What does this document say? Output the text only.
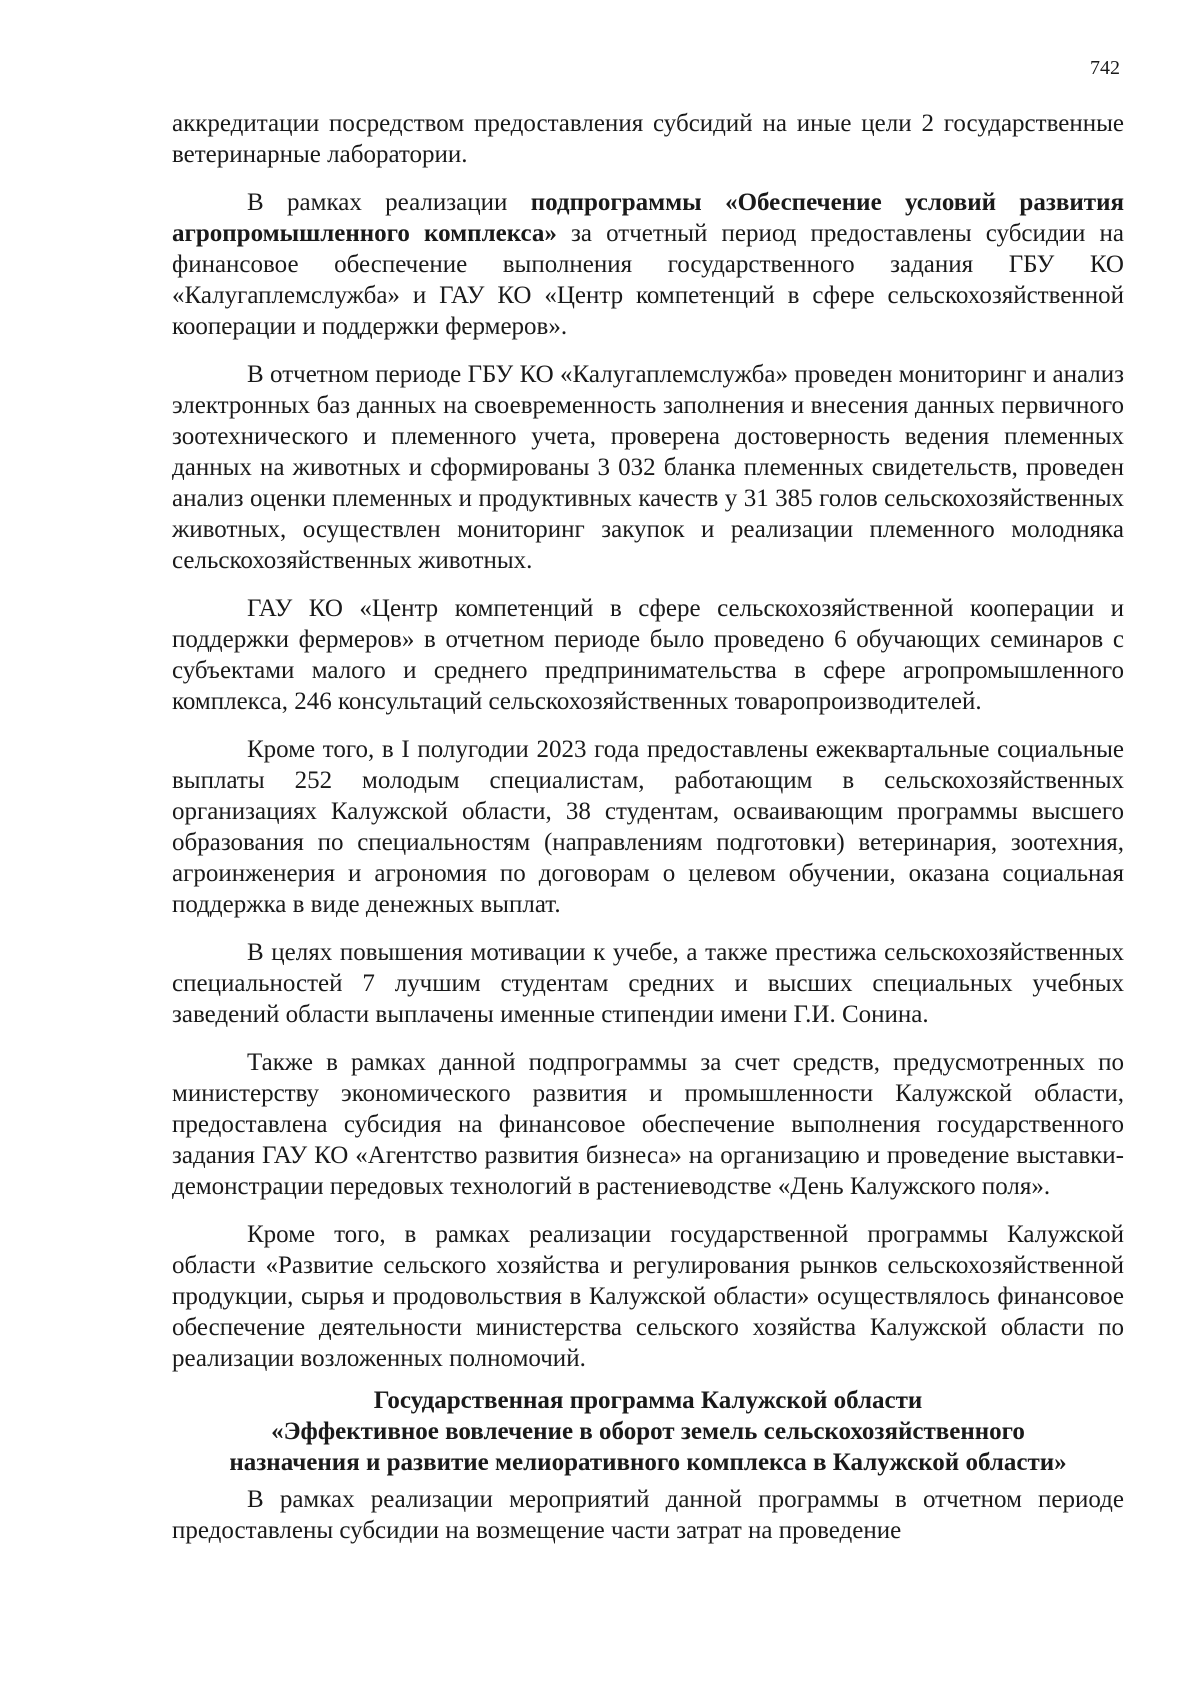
742

аккредитации посредством предоставления субсидий на иные цели 2 государственные ветеринарные лаборатории.

В рамках реализации подпрограммы «Обеспечение условий развития агропромышленного комплекса» за отчетный период предоставлены субсидии на финансовое обеспечение выполнения государственного задания ГБУ КО «Калугаплемслужба» и ГАУ КО «Центр компетенций в сфере сельскохозяйственной кооперации и поддержки фермеров».

В отчетном периоде ГБУ КО «Калугаплемслужба» проведен мониторинг и анализ электронных баз данных на своевременность заполнения и внесения данных первичного зоотехнического и племенного учета, проверена достоверность ведения племенных данных на животных и сформированы 3 032 бланка племенных свидетельств, проведен анализ оценки племенных и продуктивных качеств у 31 385 голов сельскохозяйственных животных, осуществлен мониторинг закупок и реализации племенного молодняка сельскохозяйственных животных.

ГАУ КО «Центр компетенций в сфере сельскохозяйственной кооперации и поддержки фермеров» в отчетном периоде было проведено 6 обучающих семинаров с субъектами малого и среднего предпринимательства в сфере агропромышленного комплекса, 246 консультаций сельскохозяйственных товаропроизводителей.

Кроме того, в I полугодии 2023 года предоставлены ежеквартальные социальные выплаты 252 молодым специалистам, работающим в сельскохозяйственных организациях Калужской области, 38 студентам, осваивающим программы высшего образования по специальностям (направлениям подготовки) ветеринария, зоотехния, агроинженерия и агрономия по договорам о целевом обучении, оказана социальная поддержка в виде денежных выплат.

В целях повышения мотивации к учебе, а также престижа сельскохозяйственных специальностей 7 лучшим студентам средних и высших специальных учебных заведений области выплачены именные стипендии имени Г.И. Сонина.

Также в рамках данной подпрограммы за счет средств, предусмотренных по министерству экономического развития и промышленности Калужской области, предоставлена субсидия на финансовое обеспечение выполнения государственного задания ГАУ КО «Агентство развития бизнеса» на организацию и проведение выставки-демонстрации передовых технологий в растениеводстве «День Калужского поля».

Кроме того, в рамках реализации государственной программы Калужской области «Развитие сельского хозяйства и регулирования рынков сельскохозяйственной продукции, сырья и продовольствия в Калужской области» осуществлялось финансовое обеспечение деятельности министерства сельского хозяйства Калужской области по реализации возложенных полномочий.

Государственная программа Калужской области
«Эффективное вовлечение в оборот земель сельскохозяйственного
назначения и развитие мелиоративного комплекса в Калужской области»

В рамках реализации мероприятий данной программы в отчетном периоде предоставлены субсидии на возмещение части затрат на проведение
